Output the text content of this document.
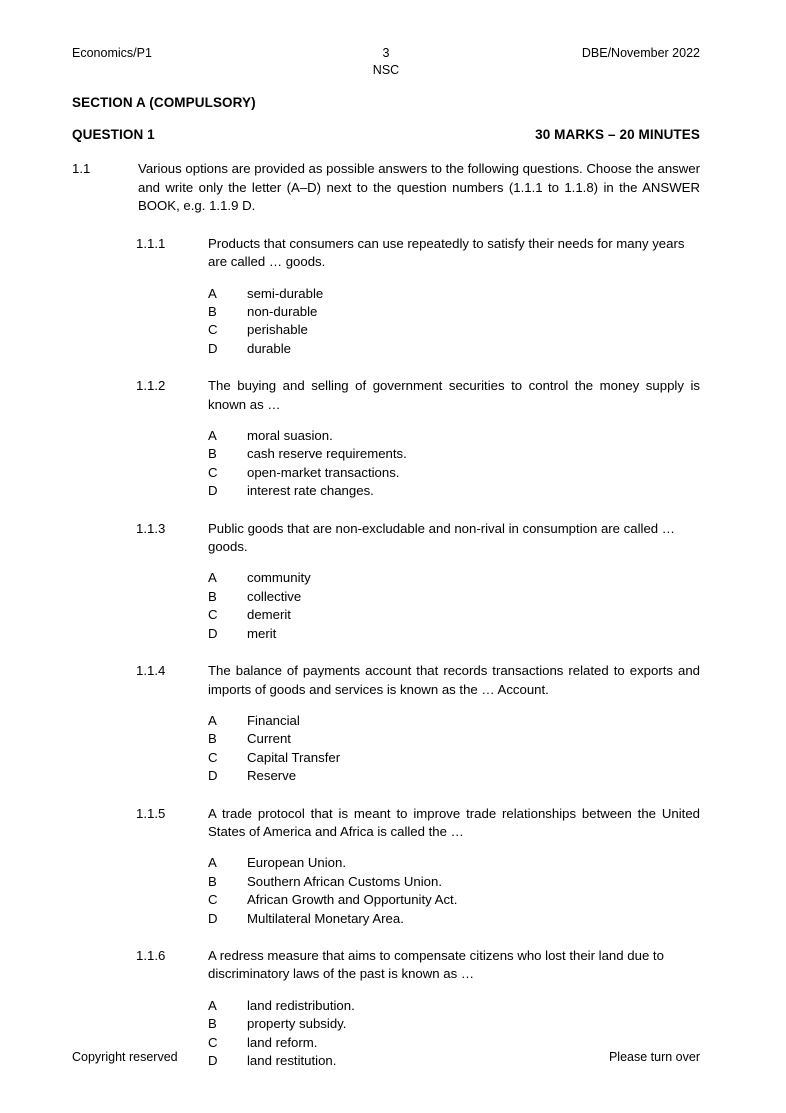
Economics/P1	3	DBE/November 2022
NSC
SECTION A (COMPULSORY)
QUESTION 1	30 MARKS – 20 MINUTES
1.1	Various options are provided as possible answers to the following questions. Choose the answer and write only the letter (A–D) next to the question numbers (1.1.1 to 1.1.8) in the ANSWER BOOK, e.g. 1.1.9 D.
1.1.1	Products that consumers can use repeatedly to satisfy their needs for many years are called … goods.
A	semi-durable
B	non-durable
C	perishable
D	durable
1.1.2	The buying and selling of government securities to control the money supply is known as …
A	moral suasion.
B	cash reserve requirements.
C	open-market transactions.
D	interest rate changes.
1.1.3	Public goods that are non-excludable and non-rival in consumption are called … goods.
A	community
B	collective
C	demerit
D	merit
1.1.4	The balance of payments account that records transactions related to exports and imports of goods and services is known as the … Account.
A	Financial
B	Current
C	Capital Transfer
D	Reserve
1.1.5	A trade protocol that is meant to improve trade relationships between the United States of America and Africa is called the …
A	European Union.
B	Southern African Customs Union.
C	African Growth and Opportunity Act.
D	Multilateral Monetary Area.
1.1.6	A redress measure that aims to compensate citizens who lost their land due to discriminatory laws of the past is known as …
A	land redistribution.
B	property subsidy.
C	land reform.
D	land restitution.
Copyright reserved	Please turn over
